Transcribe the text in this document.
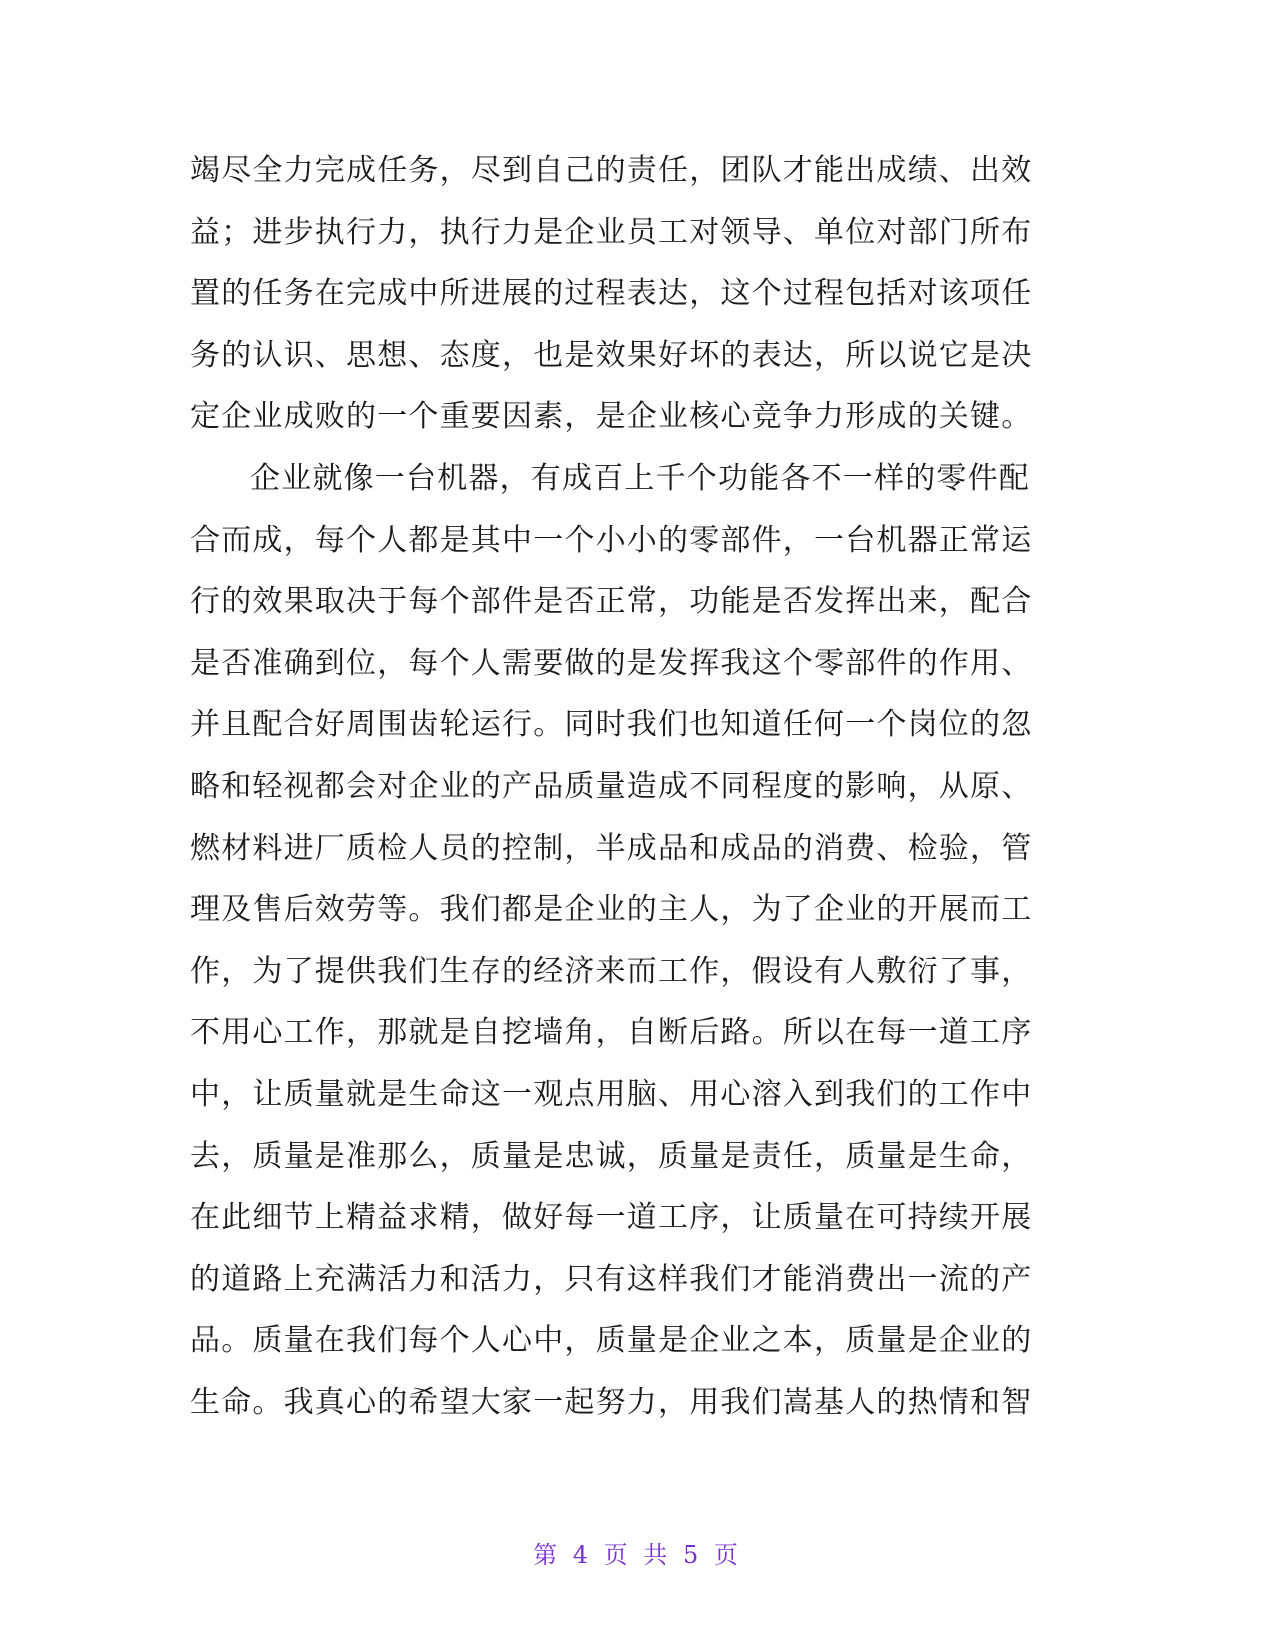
竭尽全力完成任务，尽到自己的责任，团队才能出成绩、出效
益；进步执行力，执行力是企业员工对领导、单位对部门所布
置的任务在完成中所进展的过程表达，这个过程包括对该项任
务的认识、思想、态度，也是效果好坏的表达，所以说它是决
定企业成败的一个重要因素，是企业核心竞争力形成的关键。
企业就像一台机器，有成百上千个功能各不一样的零件配
合而成，每个人都是其中一个小小的零部件，一台机器正常运
行的效果取决于每个部件是否正常，功能是否发挥出来，配合
是否准确到位，每个人需要做的是发挥我这个零部件的作用、
并且配合好周围齿轮运行。同时我们也知道任何一个岗位的忽
略和轻视都会对企业的产品质量造成不同程度的影响，从原、
燃材料进厂质检人员的控制，半成品和成品的消费、检验，管
理及售后效劳等。我们都是企业的主人，为了企业的开展而工
作，为了提供我们生存的经济来而工作，假设有人敷衍了事，
不用心工作，那就是自挖墙角，自断后路。所以在每一道工序
中，让质量就是生命这一观点用脑、用心溶入到我们的工作中
去，质量是准那么，质量是忠诚，质量是责任，质量是生命，
在此细节上精益求精，做好每一道工序，让质量在可持续开展
的道路上充满活力和活力，只有这样我们才能消费出一流的产
品。质量在我们每个人心中，质量是企业之本，质量是企业的
生命。我真心的希望大家一起努力，用我们嵩基人的热情和智
第 4 页 共 5 页
